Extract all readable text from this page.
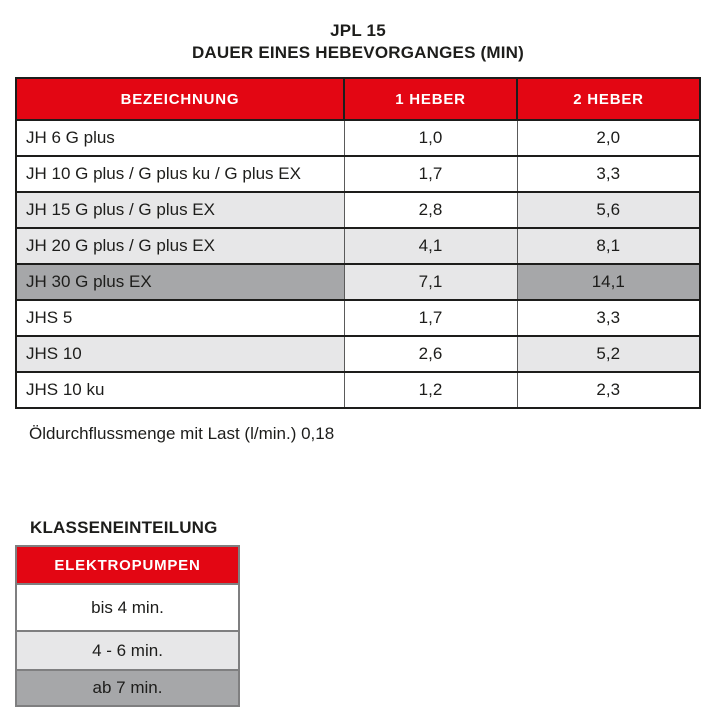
JPL 15
DAUER EINES HEBEVORGANGES (MIN)
BEZEICHNUNG	1 HEBER	2 HEBER
JH 6 G plus	1,0	2,0
JH 10 G plus / G plus ku / G plus EX	1,7	3,3
JH 15 G plus / G plus EX	2,8	5,6
JH 20 G plus / G plus EX	4,1	8,1
JH 30 G plus EX	7,1	14,1
JHS 5	1,7	3,3
JHS 10	2,6	5,2
JHS 10 ku	1,2	2,3
Öldurchflussmenge mit Last (l/min.) 0,18
KLASSENEINTEILUNG
ELEKTROPUMPEN
bis 4 min.
4 - 6 min.
ab 7 min.
